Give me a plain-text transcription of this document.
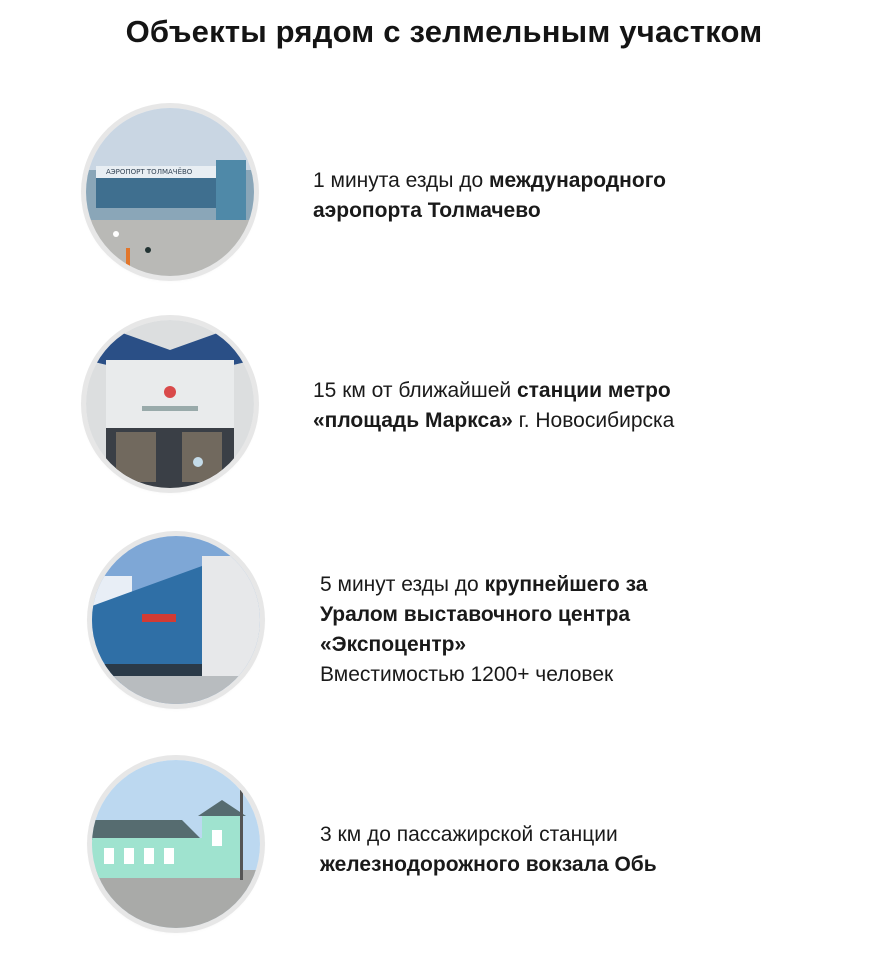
Объекты рядом с зелмельным участком
АЭРОПОРТ ТОЛМАЧЁВО	1 минута езды до международного
аэропорта Толмачево
15 км от ближайшей станции метро
«площадь Маркса» г. Новосибирска
5 минут езды до крупнейшего за
Уралом выставочного центра
«Экспоцентр»
Вместимостью 1200+ человек
3 км до пассажирской станции
железнодорожного вокзала Обь
